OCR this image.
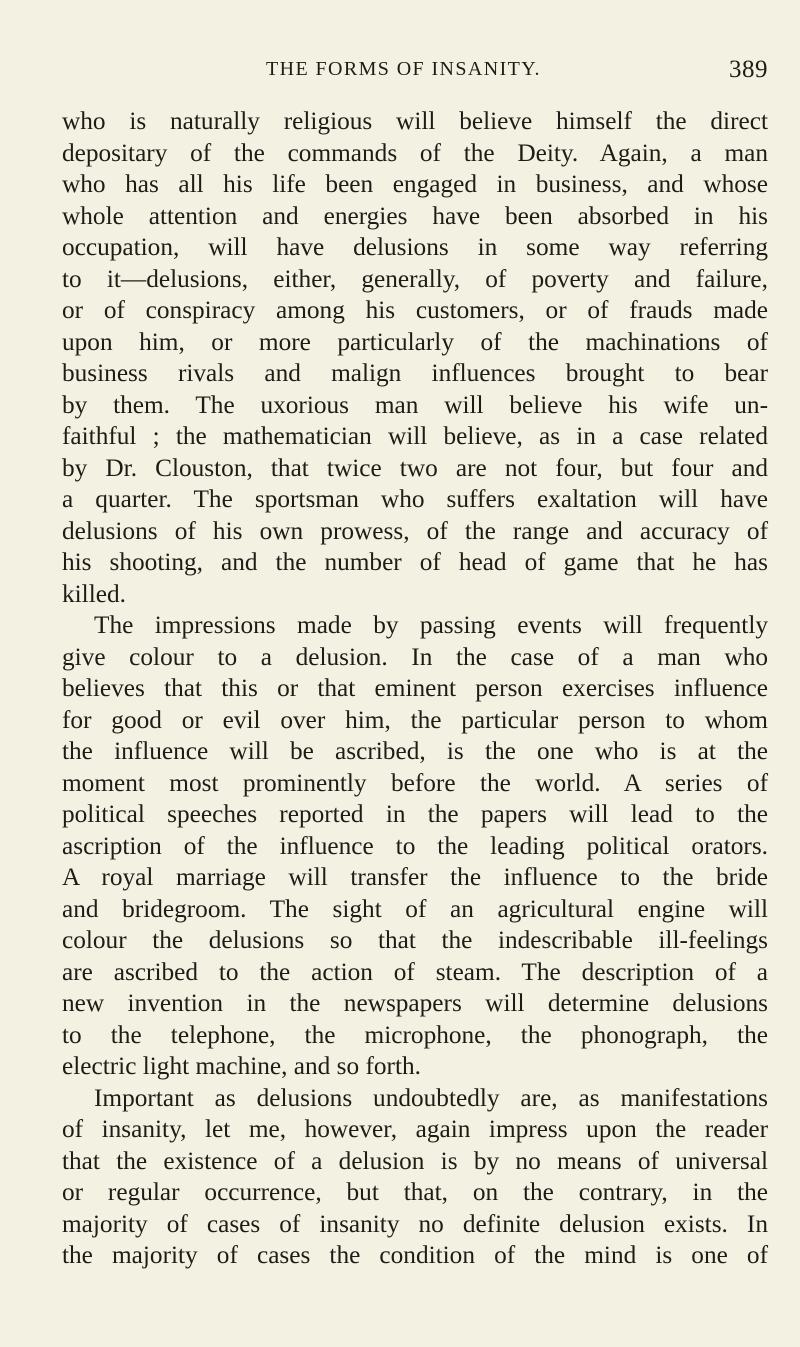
THE FORMS OF INSANITY.	389
who is naturally religious will believe himself the direct
depositary of the commands of the Deity. Again, a man
who has all his life been engaged in business, and whose
whole attention and energies have been absorbed in his
occupation, will have delusions in some way referring
to it—delusions, either, generally, of poverty and failure,
or of conspiracy among his customers, or of frauds made
upon him, or more particularly of the machinations of
business rivals and malign influences brought to bear
by them. The uxorious man will believe his wife un-
faithful ; the mathematician will believe, as in a case related
by Dr. Clouston, that twice two are not four, but four and
a quarter. The sportsman who suffers exaltation will have
delusions of his own prowess, of the range and accuracy of
his shooting, and the number of head of game that he has
killed.
The impressions made by passing events will frequently
give colour to a delusion. In the case of a man who
believes that this or that eminent person exercises influence
for good or evil over him, the particular person to whom
the influence will be ascribed, is the one who is at the
moment most prominently before the world. A series of
political speeches reported in the papers will lead to the
ascription of the influence to the leading political orators.
A royal marriage will transfer the influence to the bride
and bridegroom. The sight of an agricultural engine will
colour the delusions so that the indescribable ill-feelings
are ascribed to the action of steam. The description of a
new invention in the newspapers will determine delusions
to the telephone, the microphone, the phonograph, the
electric light machine, and so forth.
Important as delusions undoubtedly are, as manifestations
of insanity, let me, however, again impress upon the reader
that the existence of a delusion is by no means of universal
or regular occurrence, but that, on the contrary, in the
majority of cases of insanity no definite delusion exists. In
the majority of cases the condition of the mind is one of
